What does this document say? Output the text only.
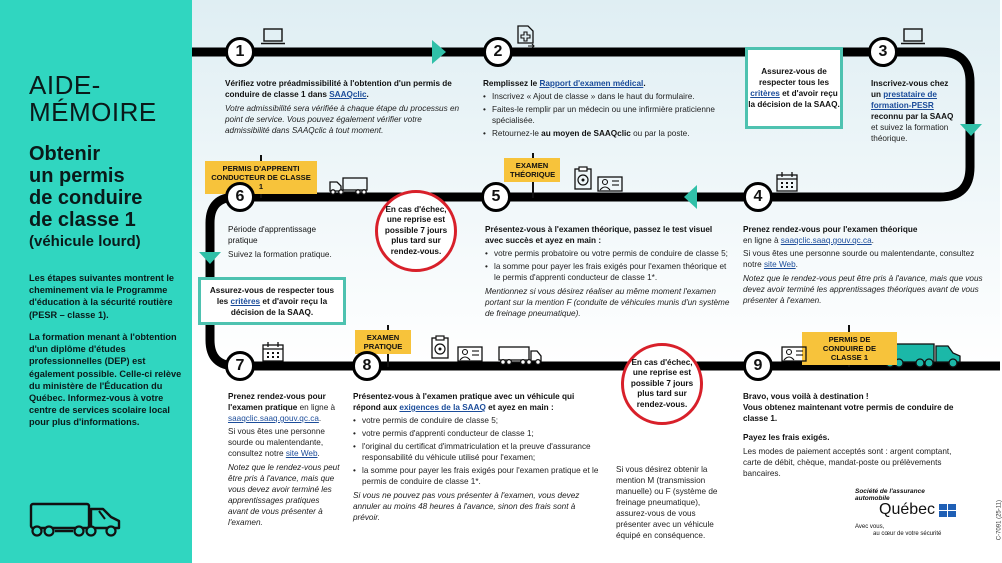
AIDE-
MÉMOIRE
Obtenir
un permis
de conduire
de classe 1
(véhicule lourd)
Les étapes suivantes montrent le cheminement via le Programme d'éducation à la sécurité routière (PESR – classe 1).
La formation menant à l'obtention d'un diplôme d'études professionnelles (DEP) est également possible. Celle-ci relève du ministère de l'Éducation du Québec. Informez-vous à votre centre de services scolaire local pour plus d'informations.
1
Vérifiez votre préadmissibilité à l'obtention d'un permis de conduire de classe 1 dans SAAQclic.
Votre admissibilité sera vérifiée à chaque étape du processus en point de service. Vous pouvez également vérifier votre admissibilité dans SAAQclic à tout moment.
2
Remplissez le Rapport d'examen médical.
• Inscrivez « Ajout de classe » dans le haut du formulaire.
• Faites-le remplir par un médecin ou une infirmière praticienne spécialisée.
• Retournez-le au moyen de SAAQclic ou par la poste.
Assurez-vous de respecter tous les critères et d'avoir reçu la décision de la SAAQ.
3
Inscrivez-vous chez un prestataire de formation-PESR reconnu par la SAAQ et suivez la formation théorique.
4
Prenez rendez-vous pour l'examen théorique
en ligne à saaqclic.saaq.gouv.qc.ca.
Si vous êtes une personne sourde ou malentendante, consultez notre site Web.
Notez que le rendez-vous peut être pris à l'avance, mais que vous devez avoir terminé les apprentissages théoriques avant de vous présenter à l'examen.
EXAMEN THÉORIQUE
5
Présentez-vous à l'examen théorique, passez le test visuel avec succès et ayez en main :
• votre permis probatoire ou votre permis de conduire de classe 5;
• la somme pour payer les frais exigés pour l'examen théorique et le permis d'apprenti conducteur de classe 1*.
Mentionnez si vous désirez réaliser au même moment l'examen portant sur la mention F (conduite de véhicules munis d'un système de freinage pneumatique).
En cas d'échec, une reprise est possible 7 jours plus tard sur rendez-vous.
PERMIS D'APPRENTI CONDUCTEUR DE CLASSE 1
6
Période d'apprentissage pratique
Suivez la formation pratique.
Assurez-vous de respecter tous les critères et d'avoir reçu la décision de la SAAQ.
7
Prenez rendez-vous pour l'examen pratique en ligne à saaqclic.saaq.gouv.qc.ca.
Si vous êtes une personne sourde ou malentendante, consultez notre site Web.
Notez que le rendez-vous peut être pris à l'avance, mais que vous devez avoir terminé les apprentissages pratiques avant de vous présenter à l'examen.
EXAMEN PRATIQUE
8
Présentez-vous à l'examen pratique avec un véhicule qui répond aux exigences de la SAAQ et ayez en main :
• votre permis de conduire de classe 5;
• votre permis d'apprenti conducteur de classe 1;
• l'original du certificat d'immatriculation et la preuve d'assurance responsabilité du véhicule utilisé pour l'examen;
• la somme pour payer les frais exigés pour l'examen pratique et le permis de conduire de classe 1*.
Si vous ne pouvez pas vous présenter à l'examen, vous devez annuler au moins 48 heures à l'avance, sinon des frais sont à prévoir.
En cas d'échec, une reprise est possible 7 jours plus tard sur rendez-vous.
Si vous désirez obtenir la mention M (transmission manuelle) ou F (système de freinage pneumatique), assurez-vous de vous présenter avec un véhicule équipé en conséquence.
PERMIS DE CONDUIRE DE CLASSE 1
9
Bravo, vous voilà à destination !
Vous obtenez maintenant votre permis de conduire de classe 1.
Payez les frais exigés.
Les modes de paiement acceptés sont : argent comptant, carte de débit, chèque, mandat-poste ou prélèvements bancaires.
Société de l'assurance
automobile
Québec
Avec vous,
au cœur de votre sécurité	C-7091 (25-11)
